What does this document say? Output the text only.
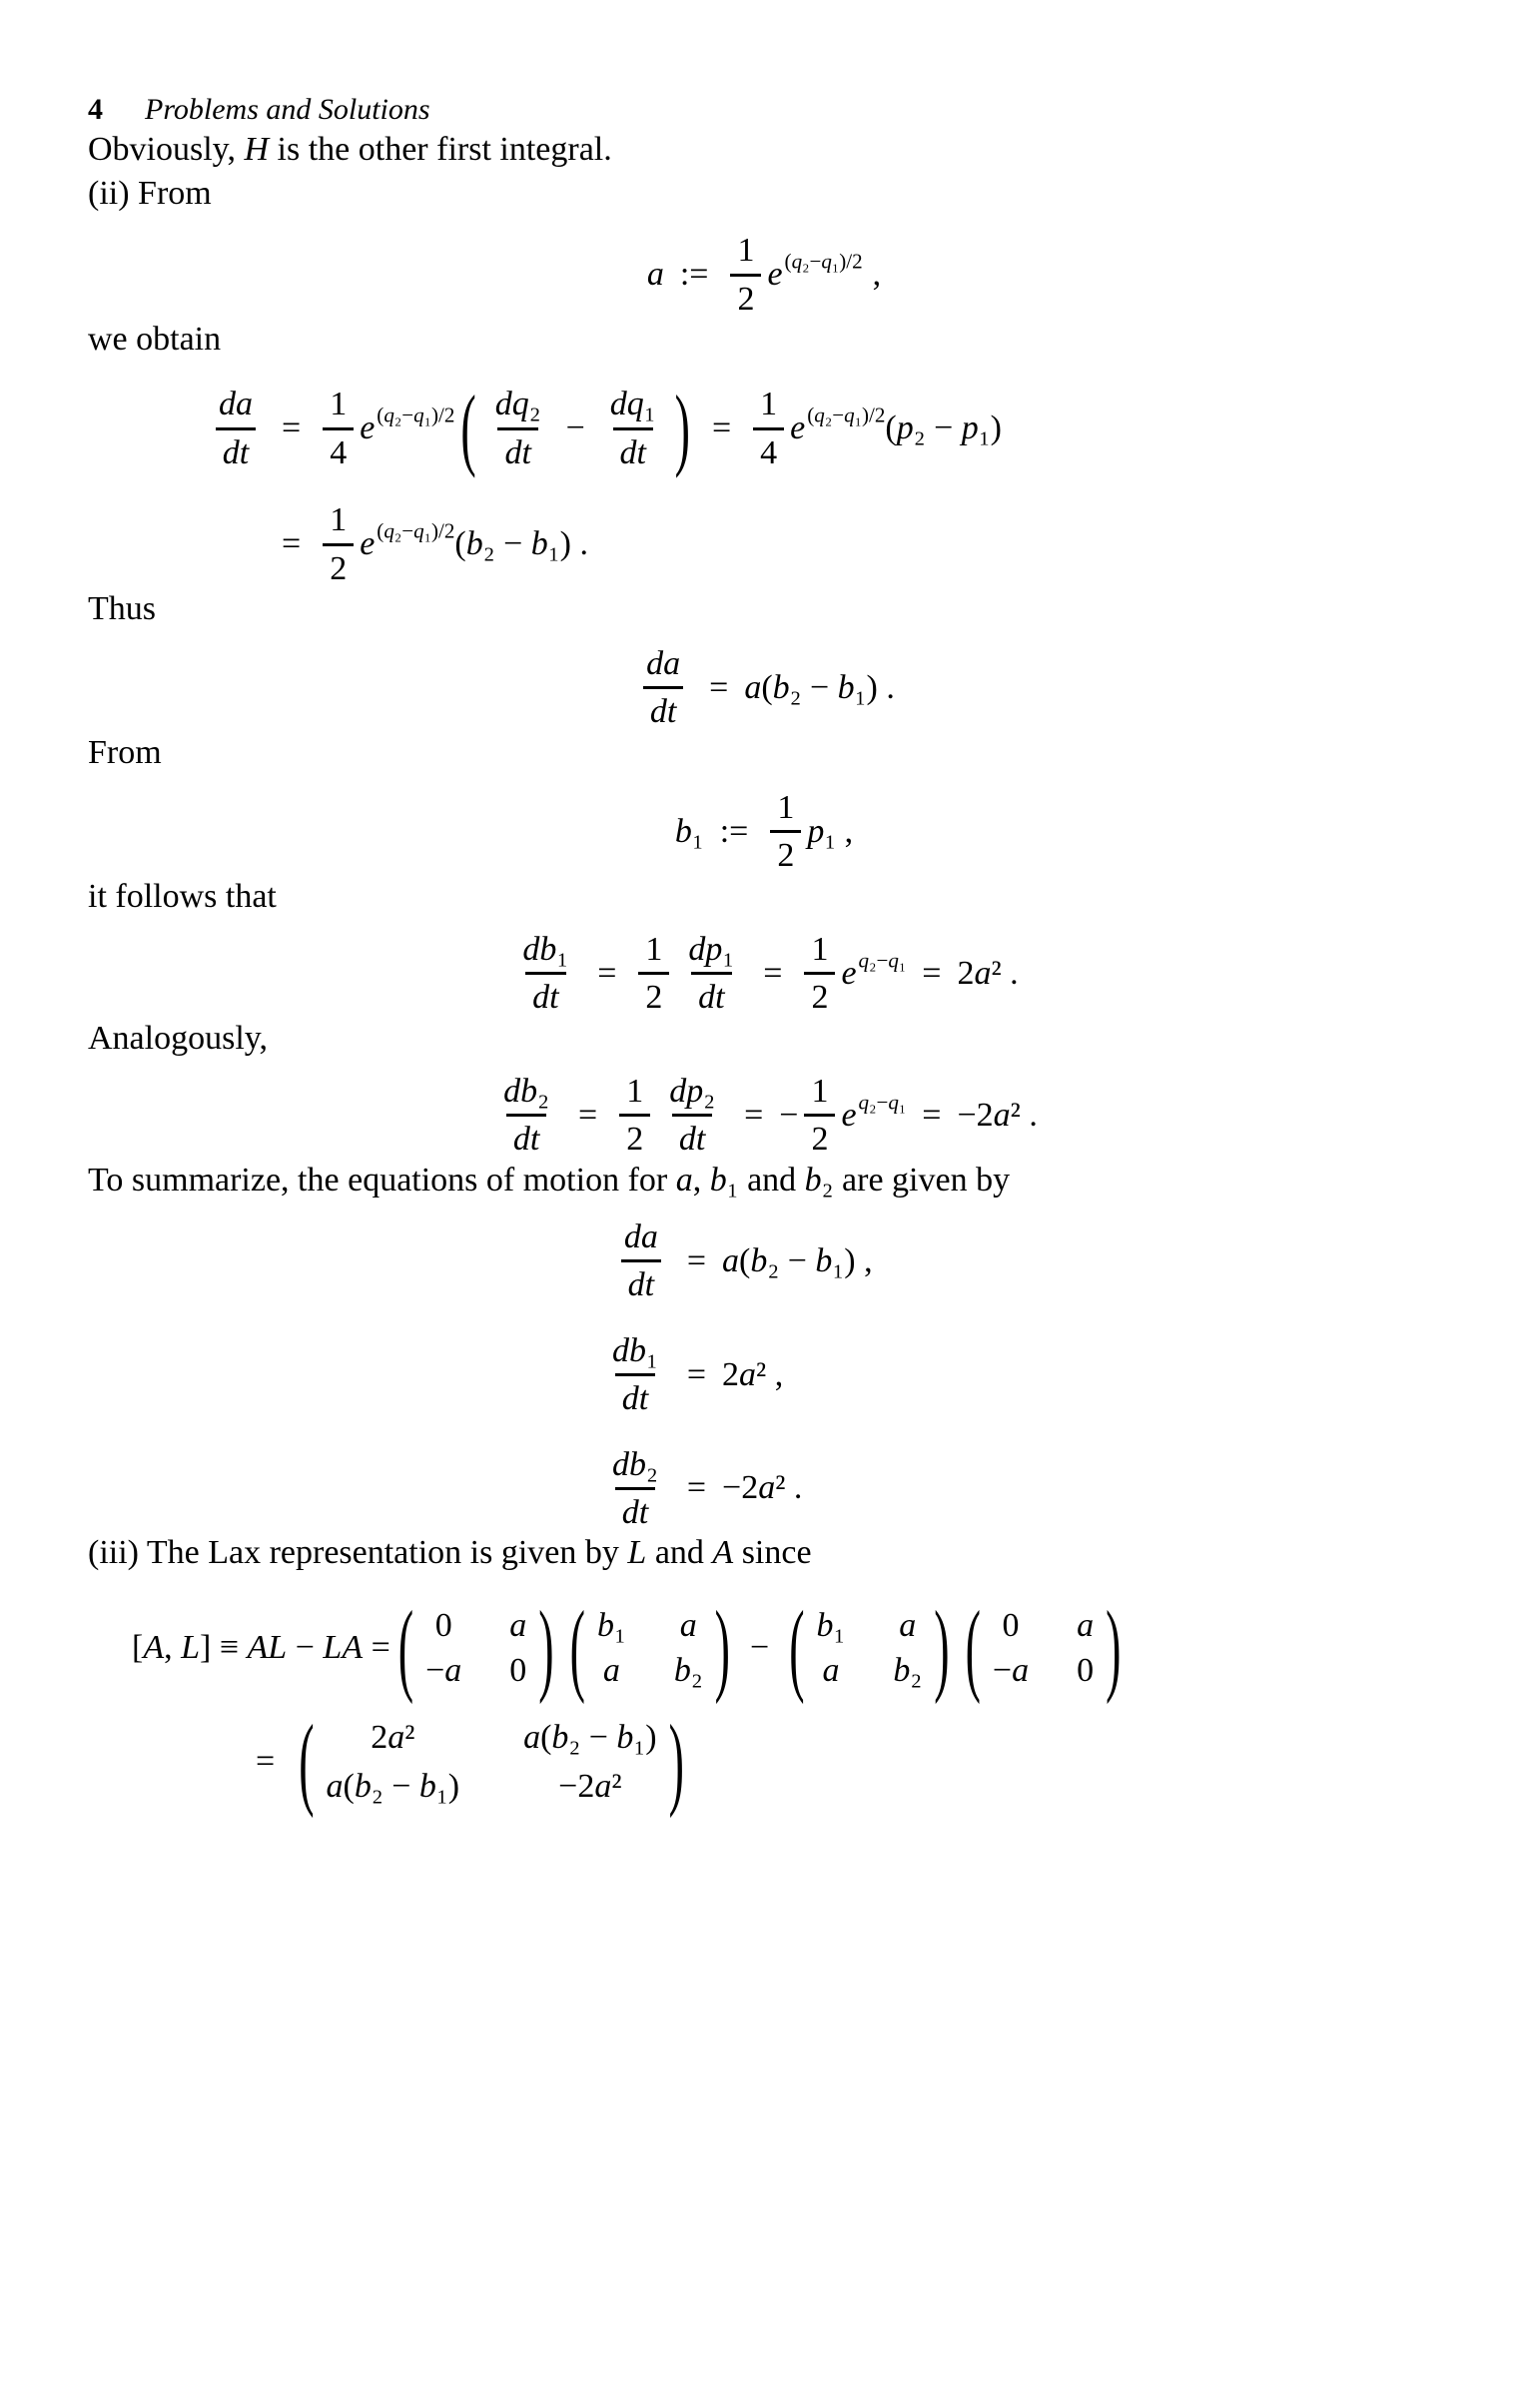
4 Problems and Solutions

Obviously, H is the other first integral.

(ii) From

a := $\frac{1}{2}$ e (q₂−q₁)/2 ,

we obtain

$\frac{da}{dt} = \frac{1}{4}$ e (q₂−q₁)/2 ( $\frac{\text{dq₂}}{dt} - \frac{\text{dq₁}}{dt}$ ) = $\frac{1}{4}$ e (q₂−q₁)/2 (p₂ − p₁)
= $\frac{1}{2}$ e (q₂−q₁)/2 (b₂ − b₁) .

Thus

$\frac{da}{dt} = a(b_2 - b_1)$ .

From

b₁ := $\frac{1}{2} p_1$ ,

it follows that

$\frac{\text{db₁}}{dt} = \frac{1}{2} \frac{\text{dp₁}}{dt} = \frac{1}{2}$ e q₂−q₁ = 2a² .

Analogously,

$\frac{\text{db₂}}{dt} = \frac{1}{2} \frac{\text{dp₂}}{dt}$ = − $\frac{1}{2}$ e q₂−q₁ = −2a² .

To summarize, the equations of motion for a, b₁ and b₂ are given by

$\frac{da}{dt} = a(b_2 - b_1)$ ,
$\frac{\text{db₁}}{dt} = 2a^2$ ,
$\frac{\text{db₂}}{dt} = -2a^2$ .

(iii) The Lax representation is given by L and A since

[A, L] ≡ AL − LA = ( 0 a
−a 0 ) ( b₁ a
a b₂ ) − ( b₁ a
a b₂ ) ( 0 a
−a 0 )
= ( 2a²	a(b₂ − b₁)
a(b₂ − b₁)	−2a² )
